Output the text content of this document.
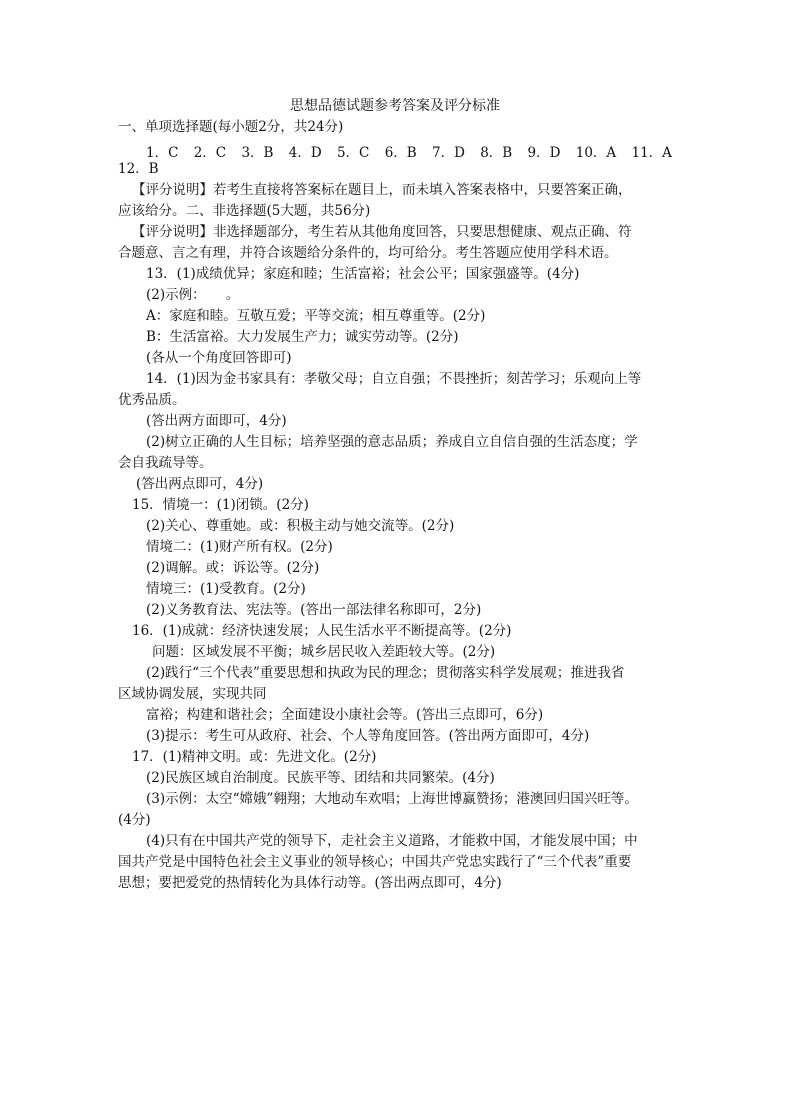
思想品德试题参考答案及评分标准
一、单项选择题(每小题2分，共24分)
1．C 2．C 3．B 4．D 5．C 6．B 7．D 8．B 9．D 10．A 11．A
12．B
【评分说明】若考生直接将答案标在题目上，而未填入答案表格中，只要答案正确，
应该给分。二、非选择题(5大题，共56分)
【评分说明】非选择题部分，考生若从其他角度回答，只要思想健康、观点正确、符
合题意、言之有理，并符合该题给分条件的，均可给分。考生答题应使用学科术语。
13．(1)成绩优异；家庭和睦；生活富裕；社会公平；国家强盛等。(4分)
(2)示例：　　。
A：家庭和睦。互敬互爱；平等交流；相互尊重等。(2分)
B：生活富裕。大力发展生产力；诚实劳动等。(2分)
(各从一个角度回答即可)
14．(1)因为金书家具有：孝敬父母；自立自强；不畏挫折；刻苦学习；乐观向上等
优秀品质。
(答出两方面即可，4分)
(2)树立正确的人生目标；培养坚强的意志品质；养成自立自信自强的生活态度；学
会自我疏导等。
(答出两点即可，4分)
15．情境一：(1)闭锁。(2分)
(2)关心、尊重她。或：积极主动与她交流等。(2分)
情境二：(1)财产所有权。(2分)
(2)调解。或：诉讼等。(2分)
情境三：(1)受教育。(2分)
(2)义务教育法、宪法等。(答出一部法律名称即可，2分)
16．(1)成就：经济快速发展；人民生活水平不断提高等。(2分)
问题：区域发展不平衡；城乡居民收入差距较大等。(2分)
(2)践行“三个代表”重要思想和执政为民的理念；贯彻落实科学发展观；推进我省
区域协调发展，实现共同
富裕；构建和谐社会；全面建设小康社会等。(答出三点即可，6分)
(3)提示：考生可从政府、社会、个人等角度回答。(答出两方面即可，4分)
17．(1)精神文明。或：先进文化。(2分)
(2)民族区域自治制度。民族平等、团结和共同繁荣。(4分)
(3)示例：太空“嫦娥”翱翔；大地动车欢唱；上海世博赢赞扬；港澳回归国兴旺等。
(4分)
(4)只有在中国共产党的领导下，走社会主义道路，才能救中国，才能发展中国；中
国共产党是中国特色社会主义事业的领导核心；中国共产党忠实践行了“三个代表”重要
思想；要把爱党的热情转化为具体行动等。(答出两点即可，4分)
